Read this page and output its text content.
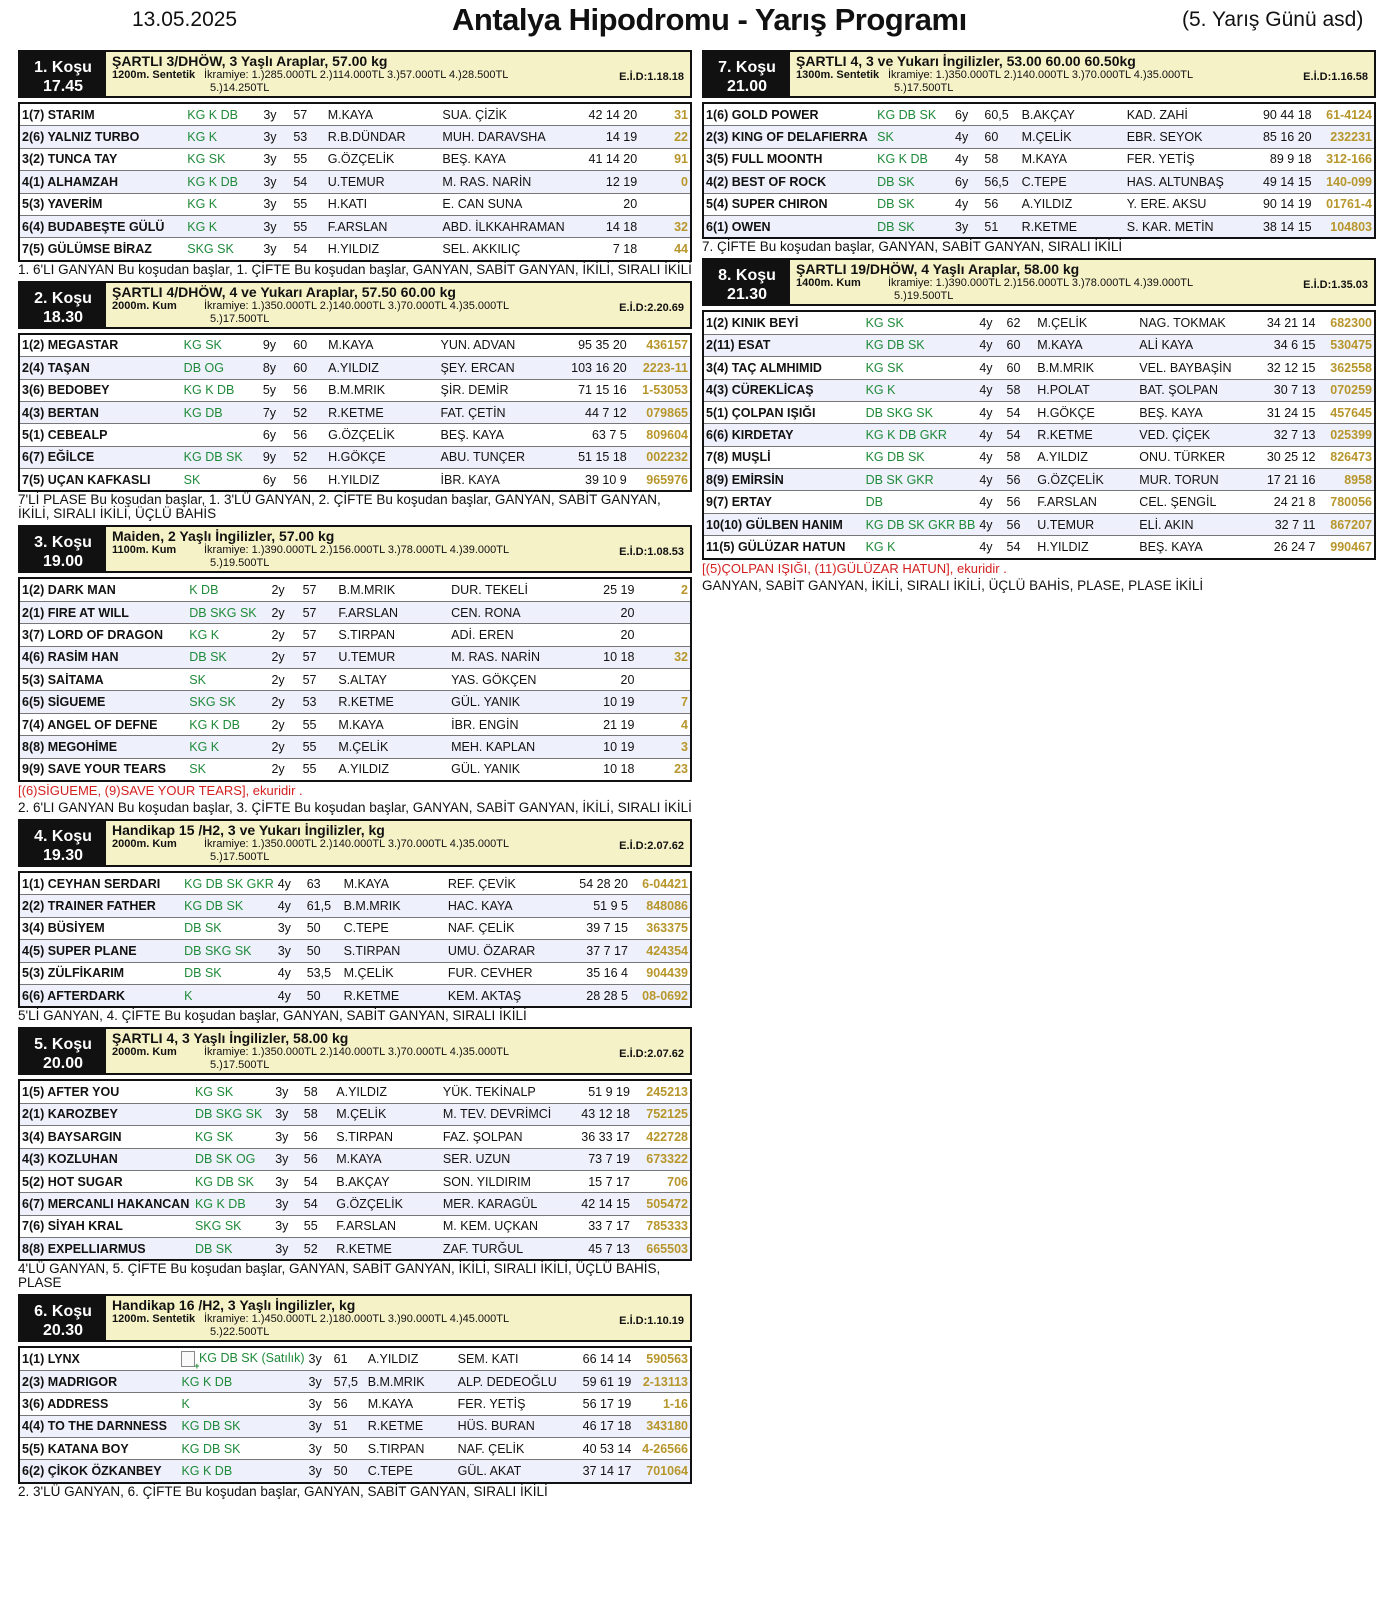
13.05.2025	Antalya Hipodromu - Yarış Programı	(5. Yarış Günü asd)
1. Koşu
17.45
ŞARTLI 3/DHÖW, 3 Yaşlı Araplar, 57.00 kg
1200m. Sentetik İkramiye: 1.)285.000TL 2.)114.000TL 3.)57.000TL 4.)28.500TL
5.)14.250TL
E.İ.D:1.18.18
1(7) STARIM	KG K DB	3y	57	M.KAYA	SUA. ÇİZİK	42 14 20	31
2(6) YALNIZ TURBO	KG K	3y	53	R.B.DÜNDAR	MUH. DARAVSHA	14 19	22
3(2) TUNCA TAY	KG SK	3y	55	G.ÖZÇELİK	BEŞ. KAYA	41 14 20	91
4(1) ALHAMZAH	KG K DB	3y	54	U.TEMUR	M. RAS. NARİN	12 19	0
5(3) YAVERİM	KG K	3y	55	H.KATI	E. CAN SUNA	20	
6(4) BUDABEŞTE GÜLÜ	KG K	3y	55	F.ARSLAN	ABD. İLKKAHRAMAN	14 18	32
7(5) GÜLÜMSE BİRAZ	SKG SK	3y	54	H.YILDIZ	SEL. AKKILIÇ	7 18	44
1. 6'LI GANYAN Bu koşudan başlar, 1. ÇİFTE Bu koşudan başlar, GANYAN, SABİT GANYAN, İKİLİ, SIRALI İKİLİ
2. Koşu
18.30
ŞARTLI 4/DHÖW, 4 ve Yukarı Araplar, 57.50 60.00 kg
2000m. Kum	İkramiye: 1.)350.000TL 2.)140.000TL 3.)70.000TL 4.)35.000TL
5.)17.500TL
E.İ.D:2.20.69
1(2) MEGASTAR	KG SK	9y	60	M.KAYA	YUN. ADVAN	95 35 20	436157
2(4) TAŞAN	DB OG	8y	60	A.YILDIZ	ŞEY. ERCAN	103 16 20	2223-11
3(6) BEDOBEY	KG K DB	5y	56	B.M.MRIK	ŞİR. DEMİR	71 15 16	1-53053
4(3) BERTAN	KG DB	7y	52	R.KETME	FAT. ÇETİN	44 7 12	079865
5(1) CEBEALP		6y	56	G.ÖZÇELİK	BEŞ. KAYA	63 7 5	809604
6(7) EĞİLCE	KG DB SK	9y	52	H.GÖKÇE	ABU. TUNÇER	51 15 18	002232
7(5) UÇAN KAFKASLI	SK	6y	56	H.YILDIZ	İBR. KAYA	39 10 9	965976
7'Lİ PLASE Bu koşudan başlar, 1. 3'LÜ GANYAN, 2. ÇİFTE Bu koşudan başlar, GANYAN, SABİT GANYAN, İKİLİ, SIRALI İKİLİ, ÜÇLÜ BAHİS
3. Koşu
19.00
Maiden, 2 Yaşlı İngilizler, 57.00 kg
1100m. Kum	İkramiye: 1.)390.000TL 2.)156.000TL 3.)78.000TL 4.)39.000TL
5.)19.500TL
E.İ.D:1.08.53
1(2) DARK MAN	K DB	2y	57	B.M.MRIK	DUR. TEKELİ	25 19	2
2(1) FIRE AT WILL	DB SKG SK	2y	57	F.ARSLAN	CEN. RONA	20	
3(7) LORD OF DRAGON	KG K	2y	57	S.TIRPAN	ADİ. EREN	20	
4(6) RASİM HAN	DB SK	2y	57	U.TEMUR	M. RAS. NARİN	10 18	32
5(3) SAİTAMA	SK	2y	57	S.ALTAY	YAS. GÖKÇEN	20	
6(5) SİGUEME	SKG SK	2y	53	R.KETME	GÜL. YANIK	10 19	7
7(4) ANGEL OF DEFNE	KG K DB	2y	55	M.KAYA	İBR. ENGİN	21 19	4
8(8) MEGOHİME	KG K	2y	55	M.ÇELİK	MEH. KAPLAN	10 19	3
9(9) SAVE YOUR TEARS	SK	2y	55	A.YILDIZ	GÜL. YANIK	10 18	23
[(6)SİGUEME, (9)SAVE YOUR TEARS], ekuridir .
2. 6'LI GANYAN Bu koşudan başlar, 3. ÇİFTE Bu koşudan başlar, GANYAN, SABİT GANYAN, İKİLİ, SIRALI İKİLİ
4. Koşu
19.30
Handikap 15 /H2, 3 ve Yukarı İngilizler, kg
2000m. Kum	İkramiye: 1.)350.000TL 2.)140.000TL 3.)70.000TL 4.)35.000TL
5.)17.500TL
E.İ.D:2.07.62
1(1) CEYHAN SERDARI	KG DB SK GKR	4y	63	M.KAYA	REF. ÇEVİK	54 28 20	6-04421
2(2) TRAINER FATHER	KG DB SK	4y	61,5	B.M.MRIK	HAC. KAYA	51 9 5	848086
3(4) BÜSİYEM	DB SK	3y	50	C.TEPE	NAF. ÇELİK	39 7 15	363375
4(5) SUPER PLANE	DB SKG SK	3y	50	S.TIRPAN	UMU. ÖZARAR	37 7 17	424354
5(3) ZÜLFİKARIM	DB SK	4y	53,5	M.ÇELİK	FUR. CEVHER	35 16 4	904439
6(6) AFTERDARK	K	4y	50	R.KETME	KEM. AKTAŞ	28 28 5	08-0692
5'Lİ GANYAN, 4. ÇİFTE Bu koşudan başlar, GANYAN, SABİT GANYAN, SIRALI İKİLİ
5. Koşu
20.00
ŞARTLI 4, 3 Yaşlı İngilizler, 58.00 kg
2000m. Kum	İkramiye: 1.)350.000TL 2.)140.000TL 3.)70.000TL 4.)35.000TL
5.)17.500TL
E.İ.D:2.07.62
1(5) AFTER YOU	KG SK	3y	58	A.YILDIZ	YÜK. TEKİNALP	51 9 19	245213
2(1) KAROZBEY	DB SKG SK	3y	58	M.ÇELİK	M. TEV. DEVRİMCİ	43 12 18	752125
3(4) BAYSARGIN	KG SK	3y	56	S.TIRPAN	FAZ. ŞOLPAN	36 33 17	422728
4(3) KOZLUHAN	DB SK OG	3y	56	M.KAYA	SER. UZUN	73 7 19	673322
5(2) HOT SUGAR	KG DB SK	3y	54	B.AKÇAY	SON. YILDIRIM	15 7 17	706
6(7) MERCANLI HAKANCAN	KG K DB	3y	54	G.ÖZÇELİK	MER. KARAGÜL	42 14 15	505472
7(6) SİYAH KRAL	SKG SK	3y	55	F.ARSLAN	M. KEM. UÇKAN	33 7 17	785333
8(8) EXPELLIARMUS	DB SK	3y	52	R.KETME	ZAF. TURĞUL	45 7 13	665503
4'LÜ GANYAN, 5. ÇİFTE Bu koşudan başlar, GANYAN, SABİT GANYAN, İKİLİ, SIRALI İKİLİ, ÜÇLÜ BAHİS, PLASE
6. Koşu
20.30
Handikap 16 /H2, 3 Yaşlı İngilizler, kg
1200m. Sentetik İkramiye: 1.)450.000TL 2.)180.000TL 3.)90.000TL 4.)45.000TL
5.)22.500TL
E.İ.D:1.10.19
1(1) LYNX	+KG DB SK (Satılık)	3y	61	A.YILDIZ	SEM. KATI	66 14 14	590563
2(3) MADRIGOR	KG K DB	3y	57,5	B.M.MRIK	ALP. DEDEOĞLU	59 61 19	2-13113
3(6) ADDRESS	K	3y	56	M.KAYA	FER. YETİŞ	56 17 19	1-16
4(4) TO THE DARNNESS	KG DB SK	3y	51	R.KETME	HÜS. BURAN	46 17 18	343180
5(5) KATANA BOY	KG DB SK	3y	50	S.TIRPAN	NAF. ÇELİK	40 53 14	4-26566
6(2) ÇİKOK ÖZKANBEY	KG K DB	3y	50	C.TEPE	GÜL. AKAT	37 14 17	701064
2. 3'LÜ GANYAN, 6. ÇİFTE Bu koşudan başlar, GANYAN, SABİT GANYAN, SIRALI İKİLİ
7. Koşu
21.00
ŞARTLI 4, 3 ve Yukarı İngilizler, 53.00 60.00 60.50kg
1300m. Sentetik İkramiye: 1.)350.000TL 2.)140.000TL 3.)70.000TL 4.)35.000TL
5.)17.500TL
E.İ.D:1.16.58
1(6) GOLD POWER	KG DB SK	6y	60,5	B.AKÇAY	KAD. ZAHİ	90 44 18	61-4124
2(3) KING OF DELAFIERRA	SK	4y	60	M.ÇELİK	EBR. SEYOK	85 16 20	232231
3(5) FULL MOONTH	KG K DB	4y	58	M.KAYA	FER. YETİŞ	89 9 18	312-166
4(2) BEST OF ROCK	DB SK	6y	56,5	C.TEPE	HAS. ALTUNBAŞ	49 14 15	140-099
5(4) SUPER CHIRON	DB SK	4y	56	A.YILDIZ	Y. ERE. AKSU	90 14 19	01761-4
6(1) OWEN	DB SK	3y	51	R.KETME	S. KAR. METİN	38 14 15	104803
7. ÇİFTE Bu koşudan başlar, GANYAN, SABİT GANYAN, SIRALI İKİLİ
8. Koşu
21.30
ŞARTLI 19/DHÖW, 4 Yaşlı Araplar, 58.00 kg
1400m. Kum	İkramiye: 1.)390.000TL 2.)156.000TL 3.)78.000TL 4.)39.000TL
5.)19.500TL
E.İ.D:1.35.03
1(2) KINIK BEYİ	KG SK	4y	62	M.ÇELİK	NAG. TOKMAK	34 21 14	682300
2(11) ESAT	KG DB SK	4y	60	M.KAYA	ALİ KAYA	34 6 15	530475
3(4) TAÇ ALMHIMID	KG SK	4y	60	B.M.MRIK	VEL. BAYBAŞİN	32 12 15	362558
4(3) CÜREKLİCAŞ	KG K	4y	58	H.POLAT	BAT. ŞOLPAN	30 7 13	070259
5(1) ÇOLPAN IŞIĞI	DB SKG SK	4y	54	H.GÖKÇE	BEŞ. KAYA	31 24 15	457645
6(6) KIRDETAY	KG K DB GKR	4y	54	R.KETME	VED. ÇİÇEK	32 7 13	025399
7(8) MUŞLİ	KG DB SK	4y	58	A.YILDIZ	ONU. TÜRKER	30 25 12	826473
8(9) EMİRSİN	DB SK GKR	4y	56	G.ÖZÇELİK	MUR. TORUN	17 21 16	8958
9(7) ERTAY	DB	4y	56	F.ARSLAN	CEL. ŞENGİL	24 21 8	780056
10(10) GÜLBEN HANIM	KG DB SK GKR BB	4y	56	U.TEMUR	ELİ. AKIN	32 7 11	867207
11(5) GÜLÜZAR HATUN	KG K	4y	54	H.YILDIZ	BEŞ. KAYA	26 24 7	990467
[(5)ÇOLPAN IŞIĞI, (11)GÜLÜZAR HATUN], ekuridir .
GANYAN, SABİT GANYAN, İKİLİ, SIRALI İKİLİ, ÜÇLÜ BAHİS, PLASE, PLASE İKİLİ
